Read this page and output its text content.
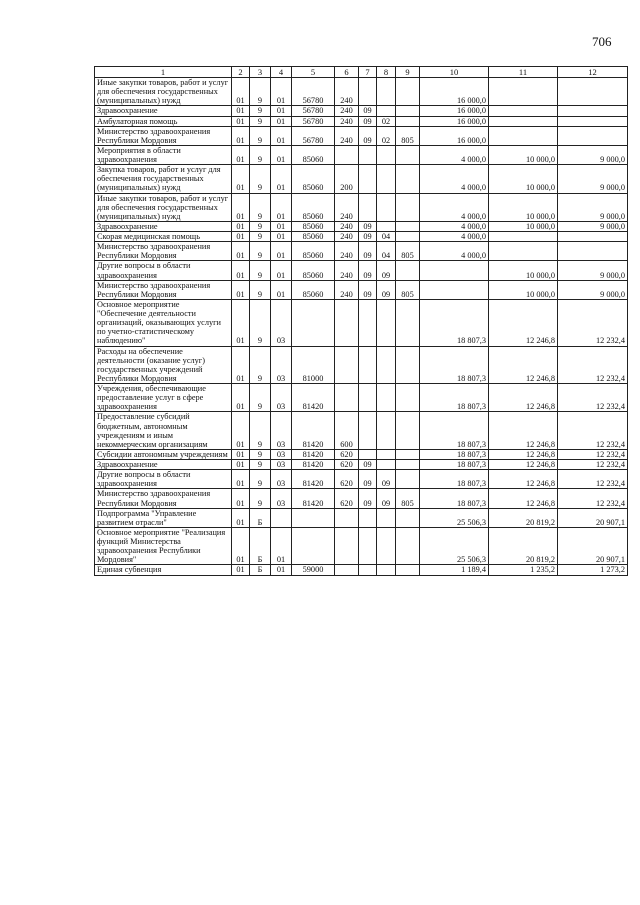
706
1	2	3	4	5	6	7	8	9	10	11	12
Иные закупки товаров, работ и услуг для обеспечения государственных (муниципальных) нужд	01	9	01	56780	240				16 000,0		
Здравоохранение	01	9	01	56780	240	09			16 000,0		
Амбулаторная помощь	01	9	01	56780	240	09	02		16 000,0		
Министерство здравоохранения Республики Мордовия	01	9	01	56780	240	09	02	805	16 000,0		
Мероприятия в области здравоохранения	01	9	01	85060					4 000,0	10 000,0	9 000,0
Закупка товаров, работ и услуг для обеспечения государственных (муниципальных) нужд	01	9	01	85060	200				4 000,0	10 000,0	9 000,0
Иные закупки товаров, работ и услуг для обеспечения государственных (муниципальных) нужд	01	9	01	85060	240				4 000,0	10 000,0	9 000,0
Здравоохранение	01	9	01	85060	240	09			4 000,0	10 000,0	9 000,0
Скорая медицинская помощь	01	9	01	85060	240	09	04		4 000,0		
Министерство здравоохранения Республики Мордовия	01	9	01	85060	240	09	04	805	4 000,0		
Другие вопросы в области здравоохранения	01	9	01	85060	240	09	09			10 000,0	9 000,0
Министерство здравоохранения Республики Мордовия	01	9	01	85060	240	09	09	805		10 000,0	9 000,0
Основное мероприятие "Обеспечение деятельности организаций, оказывающих услуги по учетно-статистическому наблюдению"	01	9	03						18 807,3	12 246,8	12 232,4
Расходы на обеспечение деятельности (оказание услуг) государственных учреждений Республики Мордовия	01	9	03	81000					18 807,3	12 246,8	12 232,4
Учреждения, обеспечивающие предоставление услуг в сфере здравоохранения	01	9	03	81420					18 807,3	12 246,8	12 232,4
Предоставление субсидий бюджетным, автономным учреждениям и иным некоммерческим организациям	01	9	03	81420	600				18 807,3	12 246,8	12 232,4
Субсидии автономным учреждениям	01	9	03	81420	620				18 807,3	12 246,8	12 232,4
Здравоохранение	01	9	03	81420	620	09			18 807,3	12 246,8	12 232,4
Другие вопросы в области здравоохранения	01	9	03	81420	620	09	09		18 807,3	12 246,8	12 232,4
Министерство здравоохранения Республики Мордовия	01	9	03	81420	620	09	09	805	18 807,3	12 246,8	12 232,4
Подпрограмма "Управление развитием отрасли"	01	Б							25 506,3	20 819,2	20 907,1
Основное мероприятие "Реализация функций Министерства здравоохранения Республики Мордовия"	01	Б	01						25 506,3	20 819,2	20 907,1
Единая субвенция	01	Б	01	59000					1 189,4	1 235,2	1 273,2
